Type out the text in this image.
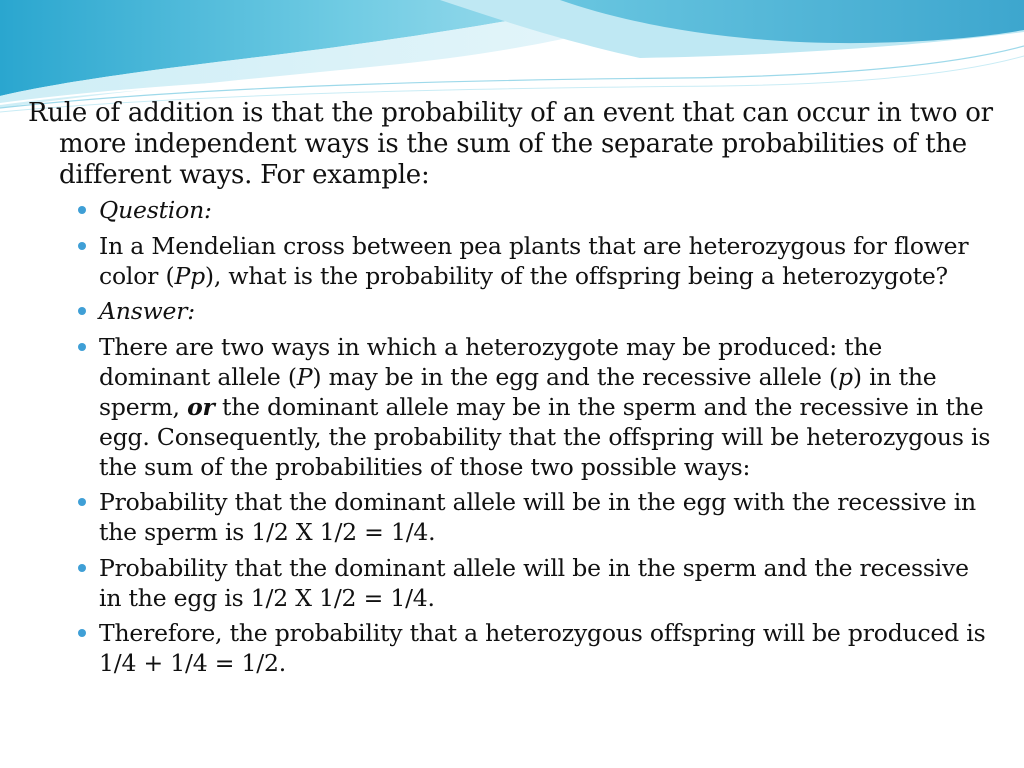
Rule of addition is that the probability of an event that can occur in two or more independent ways is the sum of the separate probabilities of the different ways. For example:

Question:
In a Mendelian cross between pea plants that are heterozygous for flower color (Pp), what is the probability of the offspring being a heterozygote?
Answer:
There are two ways in which a heterozygote may be produced: the dominant allele (P) may be in the egg and the recessive allele (p) in the sperm, or the dominant allele may be in the sperm and the recessive in the egg. Consequently, the probability that the offspring will be heterozygous is the sum of the probabilities of those two possible ways:
Probability that the dominant allele will be in the egg with the recessive in the sperm is 1/2 X 1/2 = 1/4.
Probability that the dominant allele will be in the sperm and the recessive in the egg is 1/2 X 1/2 = 1/4.
Therefore, the probability that a heterozygous offspring will be produced is 1/4 + 1/4 = 1/2.
